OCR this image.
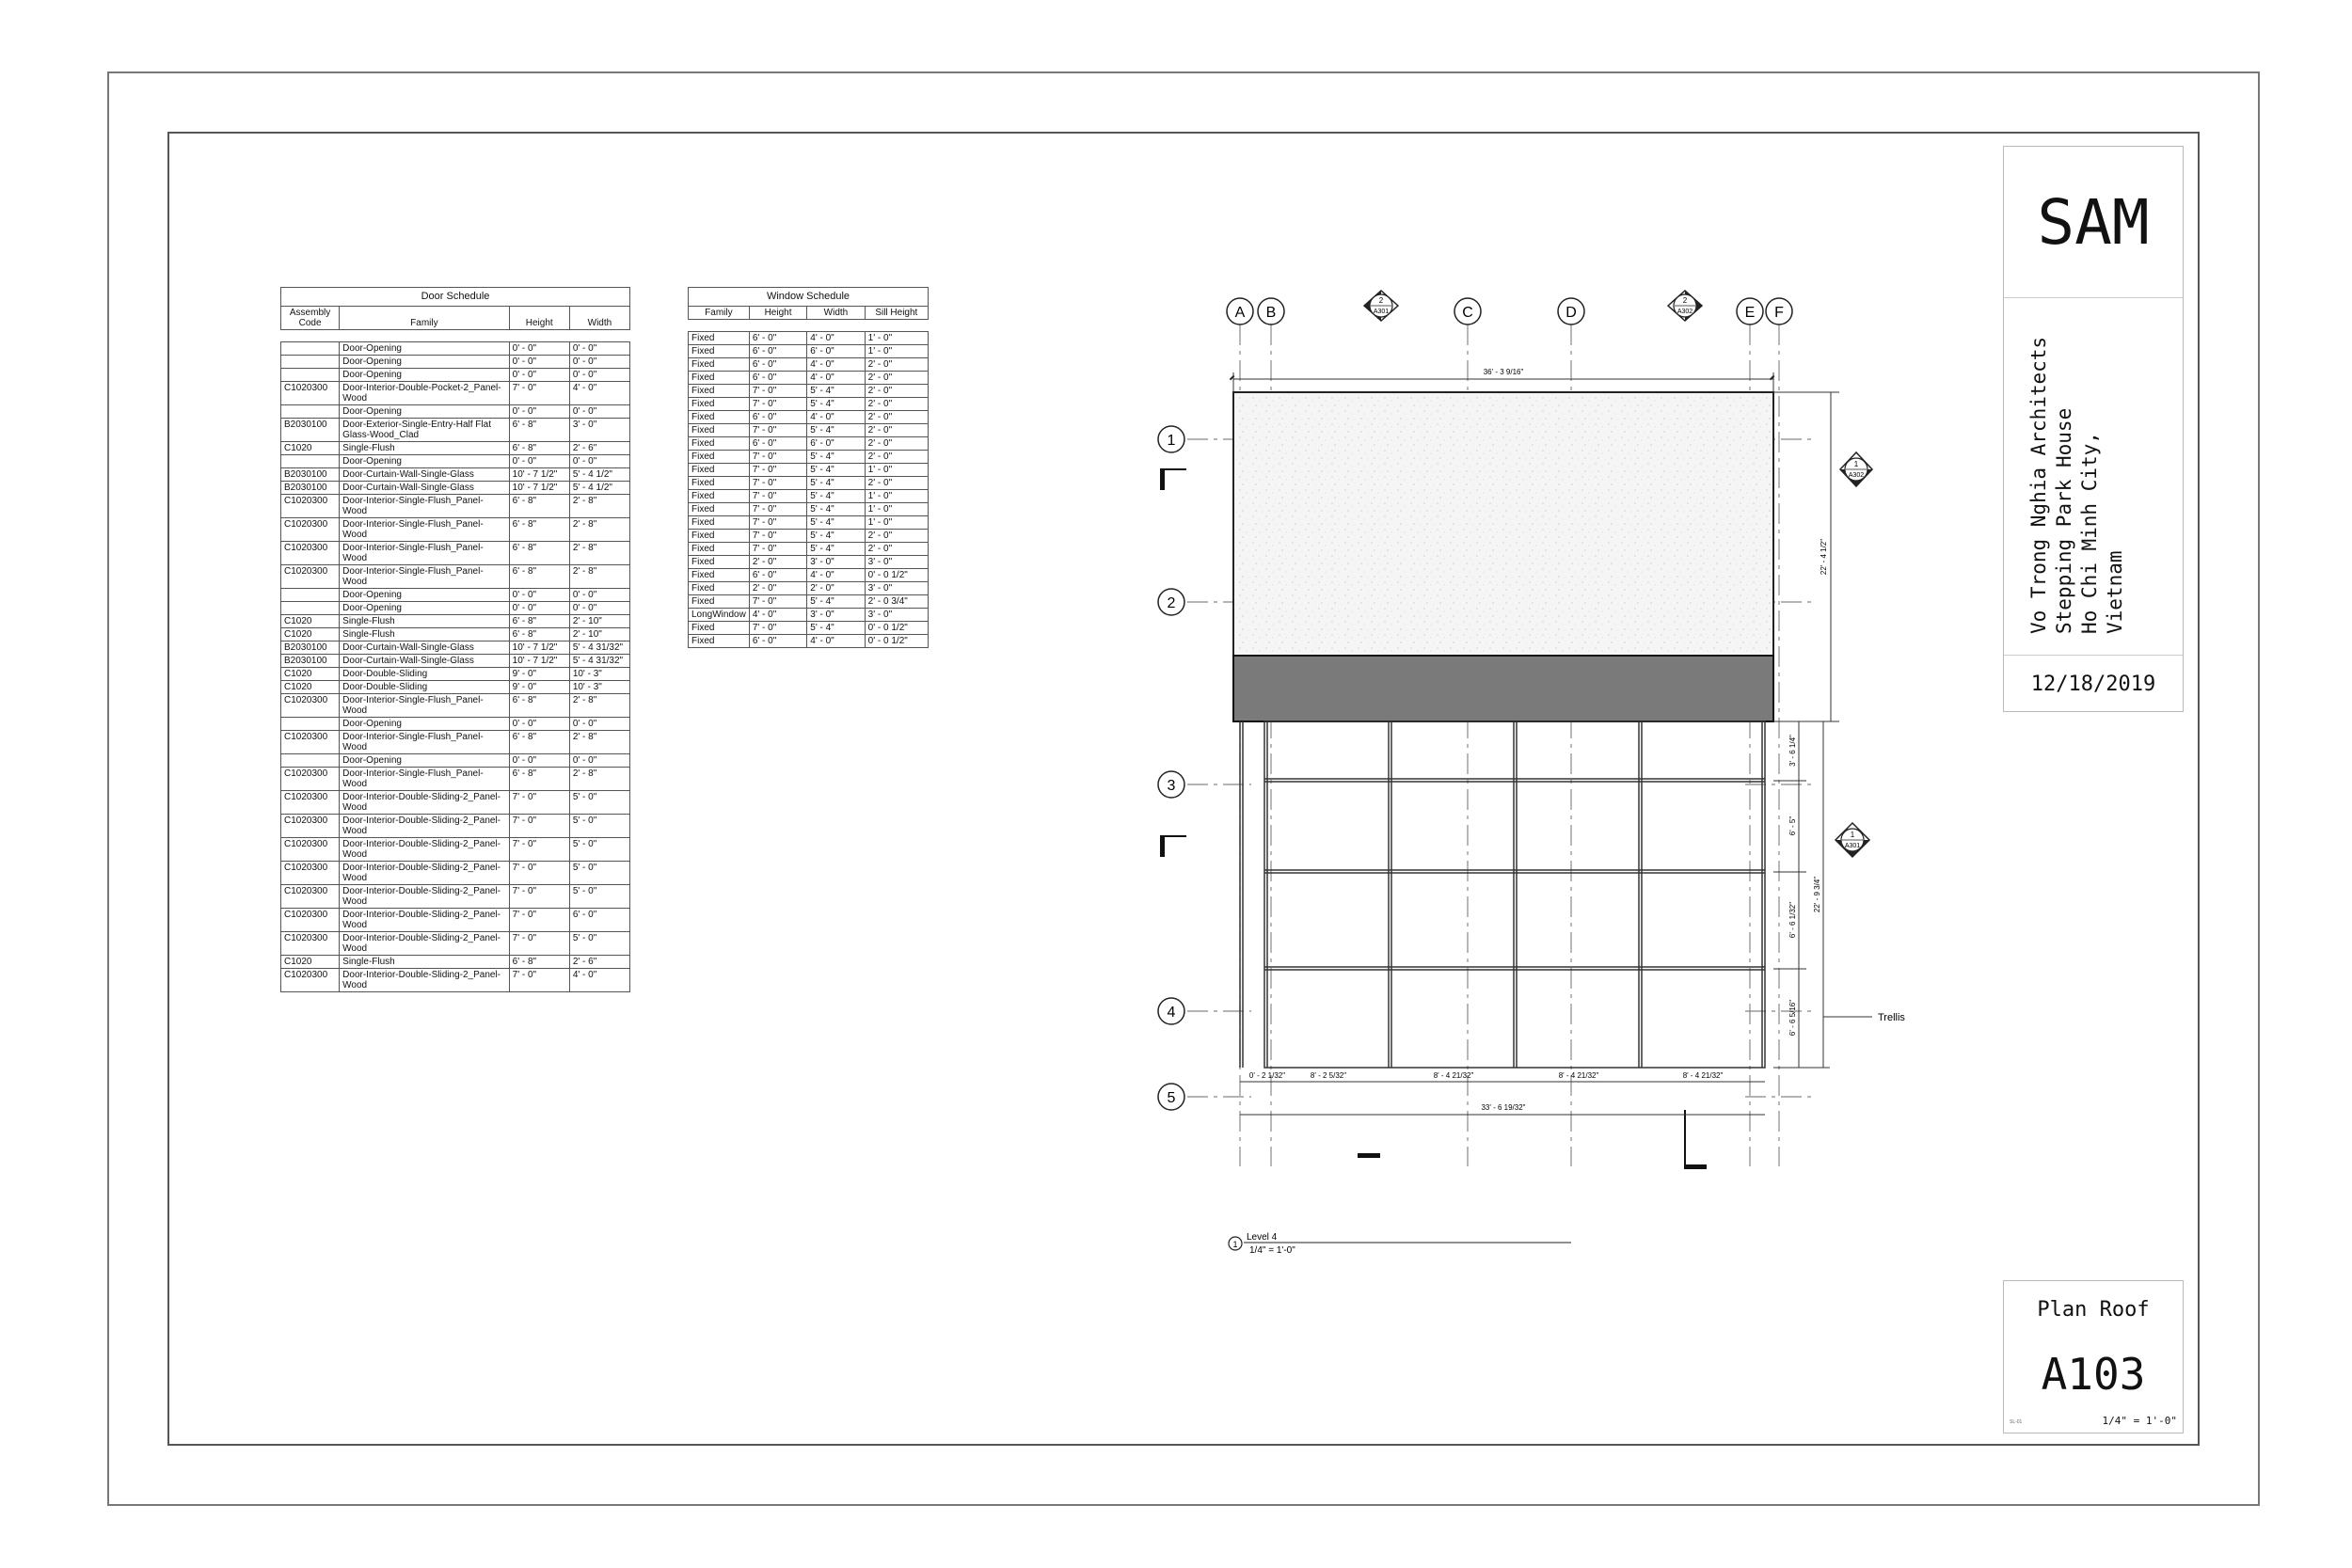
Door Schedule			
Assembly Code	Family	Height	Width

	Door-Opening	0' - 0"	0' - 0"
	Door-Opening	0' - 0"	0' - 0"
	Door-Opening	0' - 0"	0' - 0"
C1020300	Door-Interior-Double-Pocket-2_Panel-Wood	7' - 0"	4' - 0"
	Door-Opening	0' - 0"	0' - 0"
B2030100	Door-Exterior-Single-Entry-Half Flat Glass-Wood_Clad	6' - 8"	3' - 0"
C1020	Single-Flush	6' - 8"	2' - 6"
	Door-Opening	0' - 0"	0' - 0"
B2030100	Door-Curtain-Wall-Single-Glass	10' - 7 1/2"	5' - 4 1/2"
B2030100	Door-Curtain-Wall-Single-Glass	10' - 7 1/2"	5' - 4 1/2"
C1020300	Door-Interior-Single-Flush_Panel-Wood	6' - 8"	2' - 8"
C1020300	Door-Interior-Single-Flush_Panel-Wood	6' - 8"	2' - 8"
C1020300	Door-Interior-Single-Flush_Panel-Wood	6' - 8"	2' - 8"
C1020300	Door-Interior-Single-Flush_Panel-Wood	6' - 8"	2' - 8"
	Door-Opening	0' - 0"	0' - 0"
	Door-Opening	0' - 0"	0' - 0"
C1020	Single-Flush	6' - 8"	2' - 10"
C1020	Single-Flush	6' - 8"	2' - 10"
B2030100	Door-Curtain-Wall-Single-Glass	10' - 7 1/2"	5' - 4 31/32"
B2030100	Door-Curtain-Wall-Single-Glass	10' - 7 1/2"	5' - 4 31/32"
C1020	Door-Double-Sliding	9' - 0"	10' - 3"
C1020	Door-Double-Sliding	9' - 0"	10' - 3"
C1020300	Door-Interior-Single-Flush_Panel-Wood	6' - 8"	2' - 8"
	Door-Opening	0' - 0"	0' - 0"
C1020300	Door-Interior-Single-Flush_Panel-Wood	6' - 8"	2' - 8"
	Door-Opening	0' - 0"	0' - 0"
C1020300	Door-Interior-Single-Flush_Panel-Wood	6' - 8"	2' - 8"
C1020300	Door-Interior-Double-Sliding-2_Panel-Wood	7' - 0"	5' - 0"
C1020300	Door-Interior-Double-Sliding-2_Panel-Wood	7' - 0"	5' - 0"
C1020300	Door-Interior-Double-Sliding-2_Panel-Wood	7' - 0"	5' - 0"
C1020300	Door-Interior-Double-Sliding-2_Panel-Wood	7' - 0"	5' - 0"
C1020300	Door-Interior-Double-Sliding-2_Panel-Wood	7' - 0"	5' - 0"
C1020300	Door-Interior-Double-Sliding-2_Panel-Wood	7' - 0"	6' - 0"
C1020300	Door-Interior-Double-Sliding-2_Panel-Wood	7' - 0"	5' - 0"
C1020	Single-Flush	6' - 8"	2' - 6"
C1020300	Door-Interior-Double-Sliding-2_Panel-Wood	7' - 0"	4' - 0"
Window Schedule			
Family	Height	Width	Sill Height

Fixed	6' - 0"	4' - 0"	1' - 0"
Fixed	6' - 0"	6' - 0"	1' - 0"
Fixed	6' - 0"	4' - 0"	2' - 0"
Fixed	6' - 0"	4' - 0"	2' - 0"
Fixed	7' - 0"	5' - 4"	2' - 0"
Fixed	7' - 0"	5' - 4"	2' - 0"
Fixed	6' - 0"	4' - 0"	2' - 0"
Fixed	7' - 0"	5' - 4"	2' - 0"
Fixed	6' - 0"	6' - 0"	2' - 0"
Fixed	7' - 0"	5' - 4"	2' - 0"
Fixed	7' - 0"	5' - 4"	1' - 0"
Fixed	7' - 0"	5' - 4"	2' - 0"
Fixed	7' - 0"	5' - 4"	1' - 0"
Fixed	7' - 0"	5' - 4"	1' - 0"
Fixed	7' - 0"	5' - 4"	1' - 0"
Fixed	7' - 0"	5' - 4"	2' - 0"
Fixed	7' - 0"	5' - 4"	2' - 0"
Fixed	2' - 0"	3' - 0"	3' - 0"
Fixed	6' - 0"	4' - 0"	0' - 0 1/2"
Fixed	2' - 0"	2' - 0"	3' - 0"
Fixed	7' - 0"	5' - 4"	2' - 0 3/4"
LongWindow	4' - 0"	3' - 0"	3' - 0"
Fixed	7' - 0"	5' - 4"	0' - 0 1/2"
Fixed	6' - 0"	4' - 0"	0' - 0 1/2"
A B	C	D	E F
1
2
3
4
5
2
A301
2
A302
1
A302
1
A301
36' - 3 9/16"
22' - 4 1/2"
3' - 6 1/4"
6' - 5"
6' - 6 1/32"
6' - 6 5/16"
22' - 9 3/4"
0' - 2 1/32"	8' - 2 5/32"	8' - 4 21/32"	8' - 4 21/32"	8' - 4 21/32"
33' - 6 19/32"
Trellis
1
Level 4
1/4" = 1'-0"
SAM
Vo Trong Nghia Architects Stepping Park House Ho Chi Minh City, Vietnam
12/18/2019
Plan Roof
A103
SL-01	1/4" = 1'-0"
